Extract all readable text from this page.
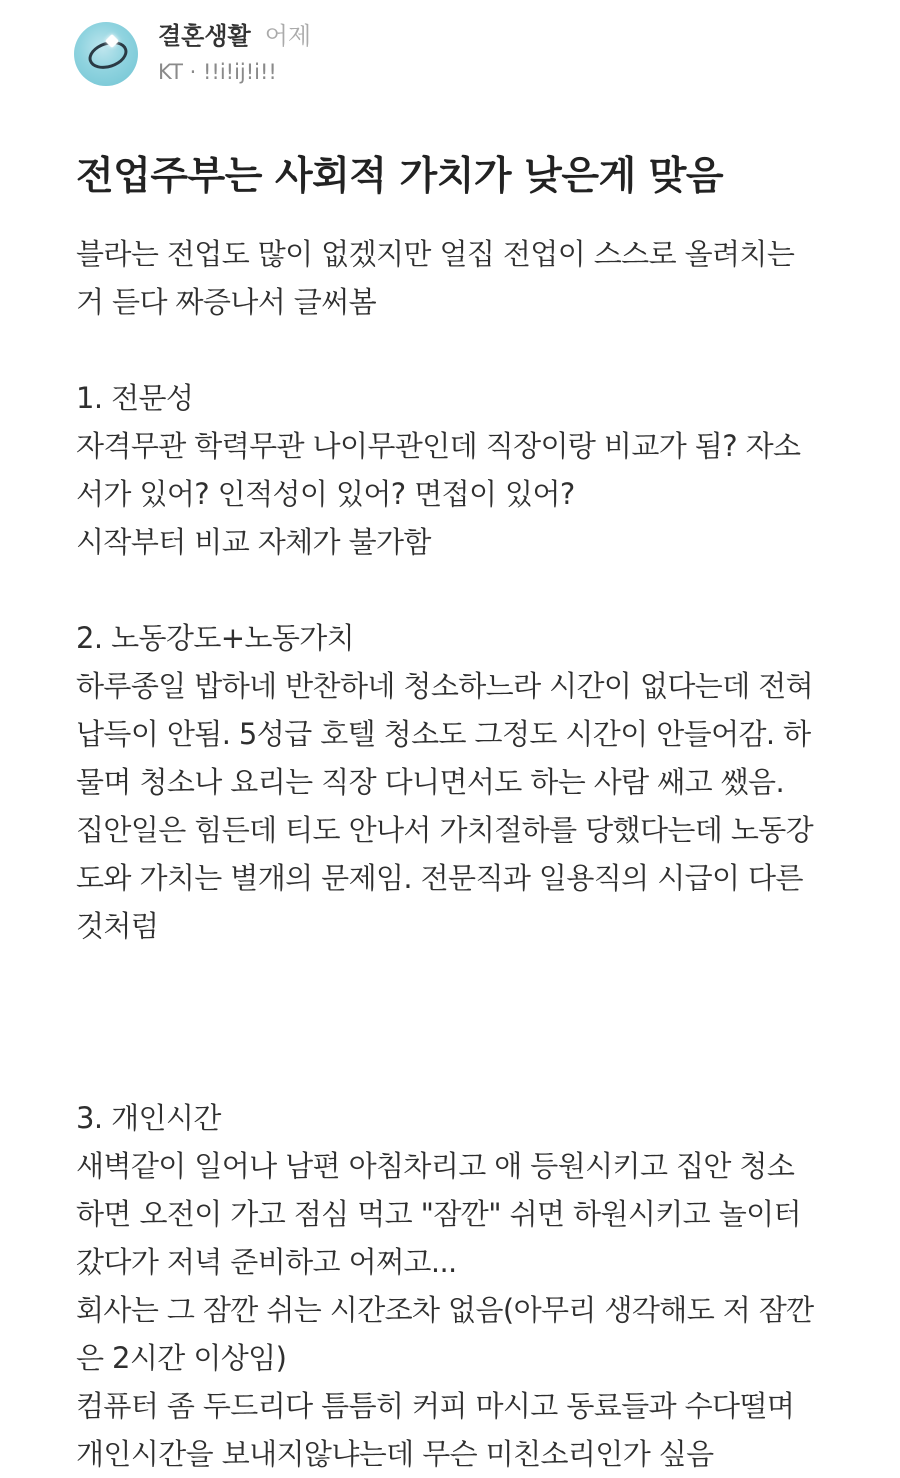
결혼생활 어제
KT · !!i!ij!i!!
전업주부는 사회적 가치가 낮은게 맞음
블라는 전업도 많이 없겠지만 얼집 전업이 스스로 올려치는
거 듣다 짜증나서 글써봄
1. 전문성
자격무관 학력무관 나이무관인데 직장이랑 비교가 됨? 자소
서가 있어? 인적성이 있어? 면접이 있어?
시작부터 비교 자체가 불가함
2. 노동강도+노동가치
하루종일 밥하네 반찬하네 청소하느라 시간이 없다는데 전혀
납득이 안됨. 5성급 호텔 청소도 그정도 시간이 안들어감. 하
물며 청소나 요리는 직장 다니면서도 하는 사람 쌔고 쌨음.
집안일은 힘든데 티도 안나서 가치절하를 당했다는데 노동강
도와 가치는 별개의 문제임. 전문직과 일용직의 시급이 다른
것처럼
3. 개인시간
새벽같이 일어나 남편 아침차리고 애 등원시키고 집안 청소
하면 오전이 가고 점심 먹고 "잠깐" 쉬면 하원시키고 놀이터
갔다가 저녁 준비하고 어쩌고...
회사는 그 잠깐 쉬는 시간조차 없음(아무리 생각해도 저 잠깐
은 2시간 이상임)
컴퓨터 좀 두드리다 틈틈히 커피 마시고 동료들과 수다떨며
개인시간을 보내지않냐는데 무슨 미친소리인가 싶음
